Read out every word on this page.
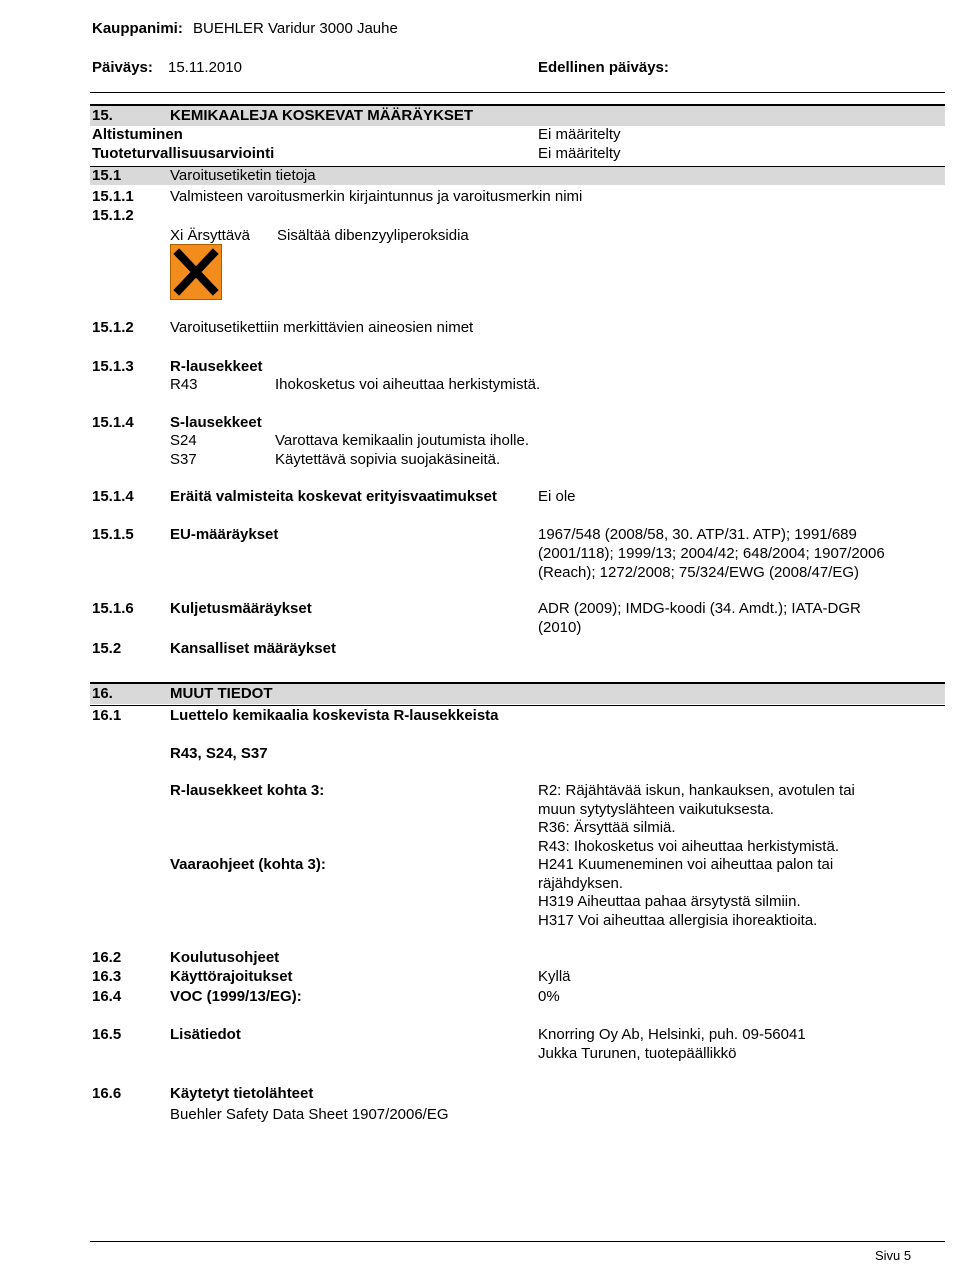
Kauppanimi: BUEHLER Varidur 3000 Jauhe
Päiväys: 15.11.2010	Edellinen päiväys:
15.	KEMIKAALEJA KOSKEVAT MÄÄRÄYKSET
Altistuminen	Ei määritelty
Tuoteturvallisuusarviointi	Ei määritelty
15.1	Varoitusetiketin tietoja
15.1.1 Valmisteen varoitusmerkin kirjaintunnus ja varoitusmerkin nimi
15.1.2
Xi Ärsyttävä Sisältää dibenzyyliperoksidia
15.1.2 Varoitusetikettiin merkittävien aineosien nimet
15.1.3 R-lausekkeet
R43	Ihokosketus voi aiheuttaa herkistymistä.
15.1.4 S-lausekkeet
S24	Varottava kemikaalin joutumista iholle.
S37	Käytettävä sopivia suojakäsineitä.
15.1.4 Eräitä valmisteita koskevat erityisvaatimukset	Ei ole
15.1.5 EU-määräykset	1967/548 (2008/58, 30. ATP/31. ATP); 1991/689
(2001/118); 1999/13; 2004/42; 648/2004; 1907/2006
(Reach); 1272/2008; 75/324/EWG (2008/47/EG)
15.1.6 Kuljetusmääräykset	ADR (2009); IMDG-koodi (34. Amdt.); IATA-DGR
(2010)
15.2	Kansalliset määräykset
16.	MUUT TIEDOT
16.1	Luettelo kemikaalia koskevista R-lausekkeista
R43, S24, S37
R-lausekkeet kohta 3:	R2: Räjähtävää iskun, hankauksen, avotulen tai
muun sytytyslähteen vaikutuksesta.
R36: Ärsyttää silmiä.
R43: Ihokosketus voi aiheuttaa herkistymistä.
Vaaraohjeet (kohta 3):	H241 Kuumeneminen voi aiheuttaa palon tai
räjähdyksen.
H319 Aiheuttaa pahaa ärsytystä silmiin.
H317 Voi aiheuttaa allergisia ihoreaktioita.
16.2	Koulutusohjeet
16.3	Käyttörajoitukset	Kyllä
16.4	VOC (1999/13/EG):	0%
16.5	Lisätiedot	Knorring Oy Ab, Helsinki, puh. 09-56041
Jukka Turunen, tuotepäällikkö
16.6	Käytetyt tietolähteet
Buehler Safety Data Sheet 1907/2006/EG
Sivu 5
